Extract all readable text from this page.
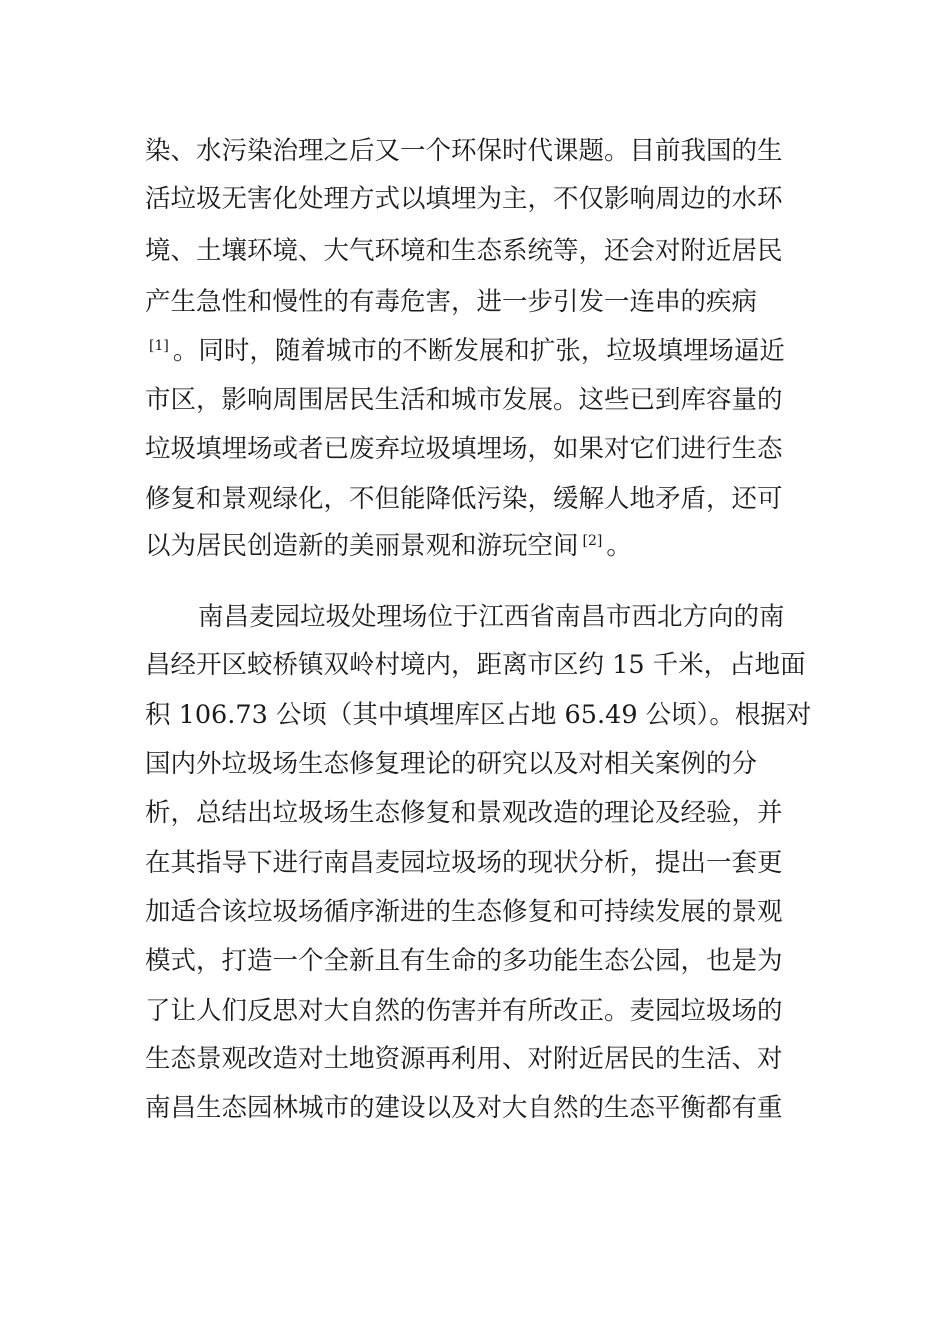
染、水污染治理之后又一个环保时代课题。目前我国的生
活垃圾无害化处理方式以填埋为主，不仅影响周边的水环
境、土壤环境、大气环境和生态系统等，还会对附近居民
产生急性和慢性的有毒危害，进一步引发一连串的疾病
[1] 。同时，随着城市的不断发展和扩张，垃圾填埋场逼近
市区，影响周围居民生活和城市发展。这些已到库容量的
垃圾填埋场或者已废弃垃圾填埋场，如果对它们进行生态
修复和景观绿化，不但能降低污染，缓解人地矛盾，还可
以为居民创造新的美丽景观和游玩空间 [2] 。
南昌麦园垃圾处理场位于江西省南昌市西北方向的南
昌经开区蛟桥镇双岭村境内，距离市区约 15 千米，占地面
积 106.73 公顷（其中填埋库区占地 65.49 公顷）。根据对
国内外垃圾场生态修复理论的研究以及对相关案例的分
析，总结出垃圾场生态修复和景观改造的理论及经验，并
在其指导下进行南昌麦园垃圾场的现状分析，提出一套更
加适合该垃圾场循序渐进的生态修复和可持续发展的景观
模式，打造一个全新且有生命的多功能生态公园，也是为
了让人们反思对大自然的伤害并有所改正。麦园垃圾场的
生态景观改造对土地资源再利用、对附近居民的生活、对
南昌生态园林城市的建设以及对大自然的生态平衡都有重
